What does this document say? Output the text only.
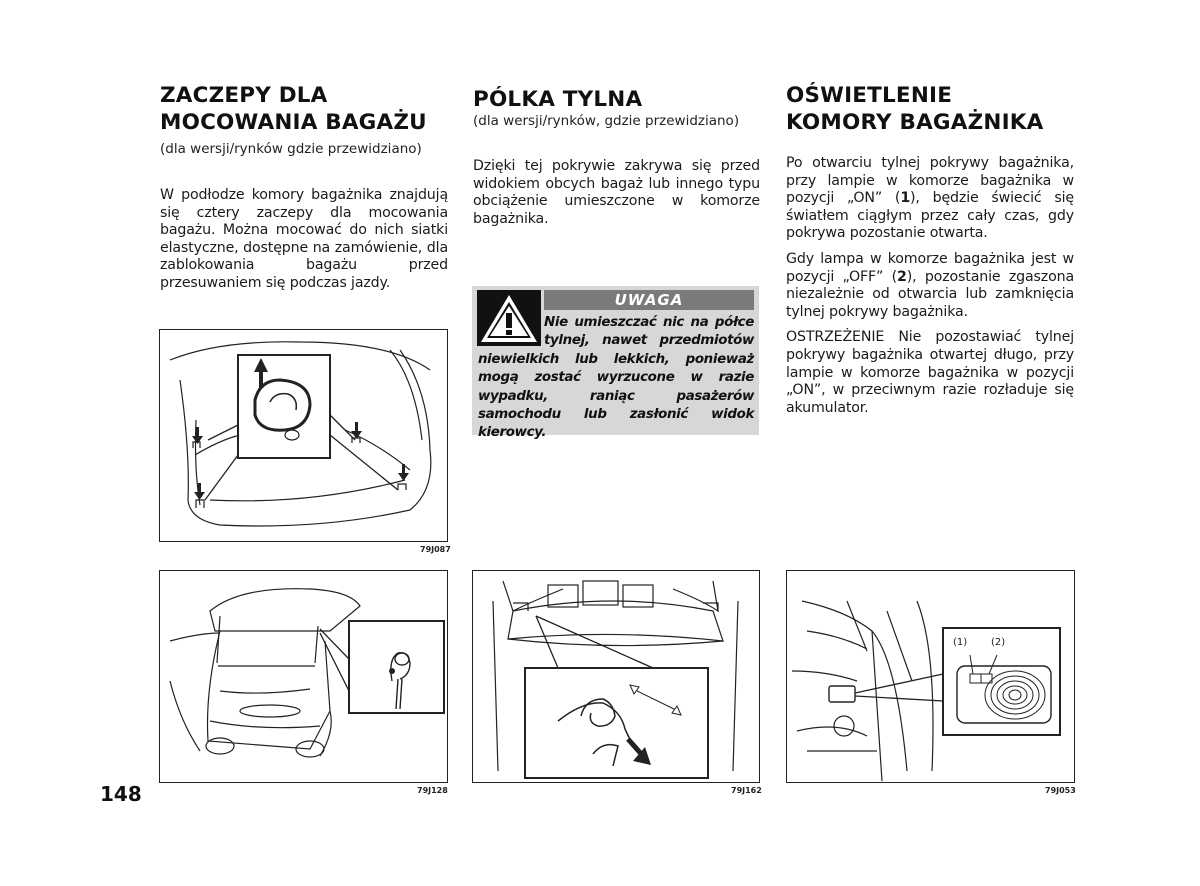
ZACZEPY DLA
MOCOWANIA BAGAŻU
(dla wersji/rynków gdzie przewidziano)

W podłodze komory bagażnika znajdują się cztery zaczepy dla mocowania bagażu. Można mocować do nich siatki elastyczne, dostępne na zamówienie, dla zablokowania bagażu przed przesuwaniem się podczas jazdy.

PÓLKA TYLNA
(dla wersji/rynków, gdzie przewidziano)

Dzięki tej pokrywie zakrywa się przed widokiem obcych bagaż lub innego typu obciążenie umieszczone w komorze bagażnika.

UWAGA
Nie umieszczać nic na półce tylnej, nawet przedmiotów niewielkich lub lekkich, ponieważ mogą zostać wyrzucone w razie wypadku, raniąc pasażerów samochodu lub zasłonić widok kierowcy.
OŚWIETLENIE
KOMORY BAGAŻNIKA

Po otwarciu tylnej pokrywy bagażnika, przy lampie w komorze bagażnika w pozycji „ON” (1), będzie świecić się światłem ciągłym przez cały czas, gdy pokrywa pozostanie otwarta.

Gdy lampa w komorze bagażnika jest w pozycji „OFF” (2), pozostanie zgaszona niezależnie od otwarcia lub zamknięcia tylnej pokrywy bagażnika.

OSTRZEŻENIE Nie pozostawiać tylnej pokrywy bagażnika otwartej długo, przy lampie w komorze bagażnika w pozycji „ON”, w przeciwnym razie rozładuje się akumulator.

79J087
79J128	79J162
(1) (2)
79J053
148
